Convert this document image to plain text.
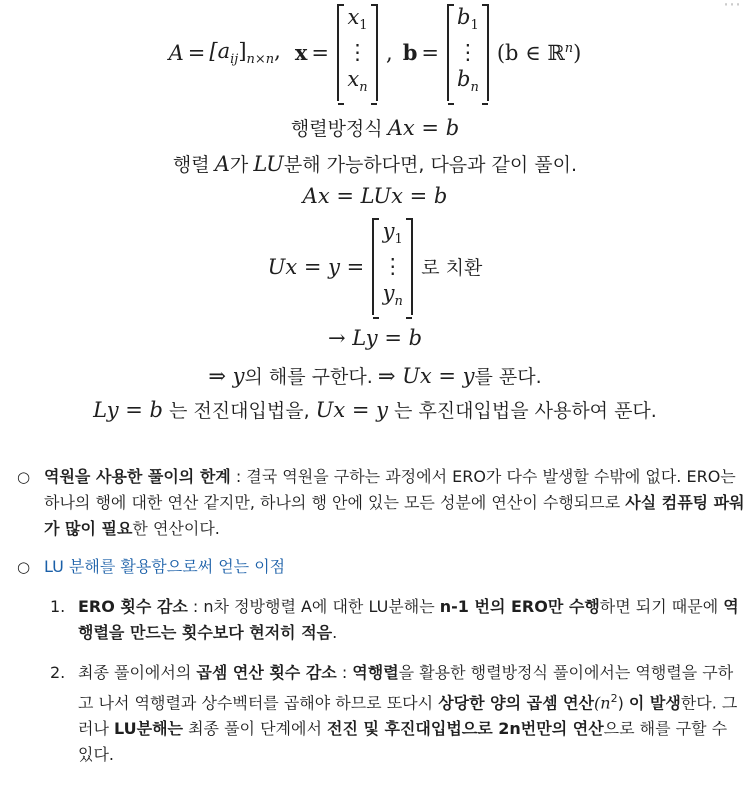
⋯
$A = [a_{ij}]_{n\times n}$, x =
$x_1$
⋮
$x_n$
, b =
$b_1$
⋮
$b_n$
(b ∈ ℝ$^n$)
행렬방정식 Ax = b
행렬 A가 LU분해 가능하다면, 다음과 같이 풀이.
Ax = LUx = b
Ux = y =
$y_1$
⋮
$y_n$
로 치환
→ Ly = b
⇒ y의 해를 구한다. ⇒ Ux = y를 푼다.
Ly = b 는 전진대입법을, Ux = y 는 후진대입법을 사용하여 푼다.

○ 역원을 사용한 풀이의 한계 : 결국 역원을 구하는 과정에서 ERO가 다수 발생할 수밖에 없다. ERO는 하나의 행에 대한 연산 같지만, 하나의 행 안에 있는 모든 성분에 연산이 수행되므로 사실 컴퓨팅 파워가 많이 필요한 연산이다.

○ LU 분해를 활용함으로써 얻는 이점

1. ERO 횟수 감소 : n차 정방행렬 A에 대한 LU분해는 n-1 번의 ERO만 수행하면 되기 때문에 역행렬을 만드는 횟수보다 현저히 적음.

2. 최종 풀이에서의 곱셈 연산 횟수 감소 : 역행렬을 활용한 행렬방정식 풀이에서는 역행렬을 구하고 나서 역행렬과 상수벡터를 곱해야 하므로 또다시 상당한 양의 곱셈 연산$(n^2)$ 이 발생한다. 그러나 LU분해는 최종 풀이 단계에서 전진 및 후진대입법으로 2n번만의 연산으로 해를 구할 수 있다.
